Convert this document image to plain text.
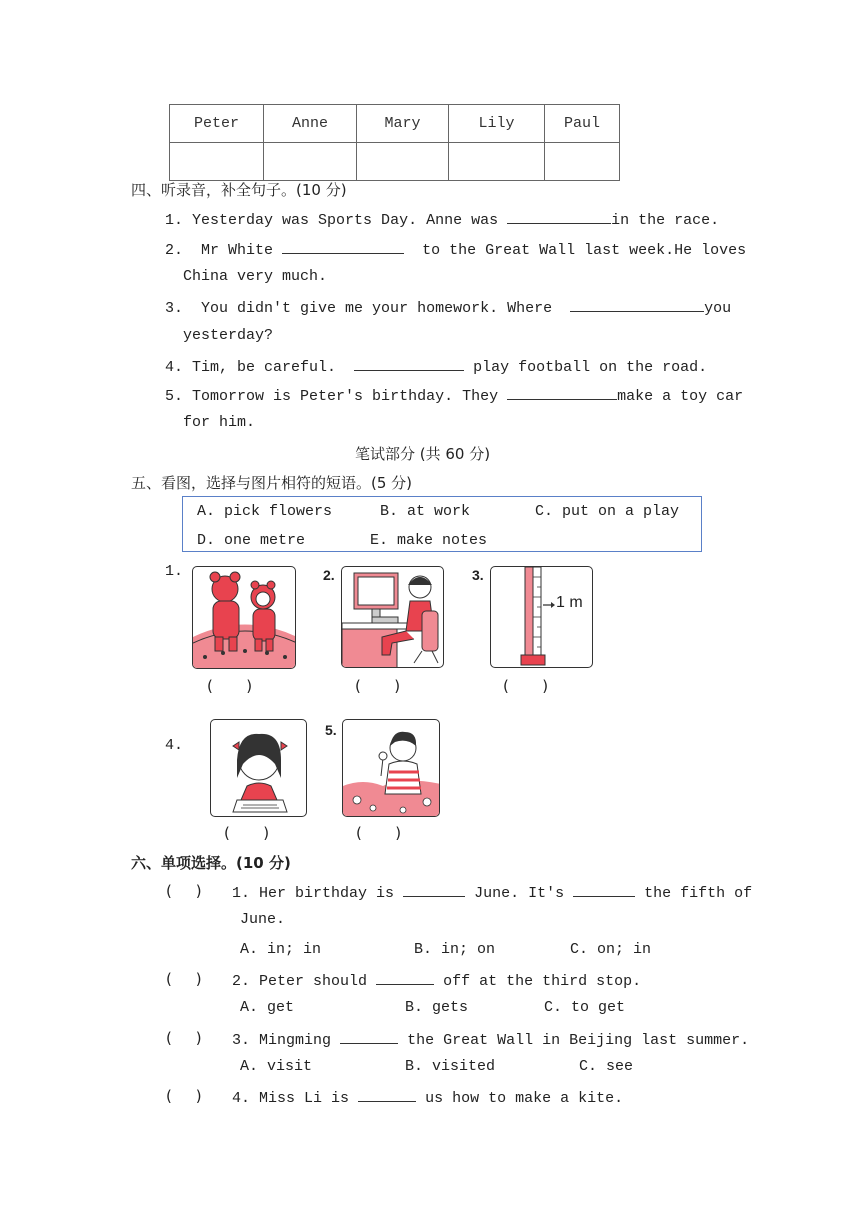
Peter	Anne	Mary	Lily	Paul

四、听录音，补全句子。(10 分)
1. Yesterday was Sports Day. Anne was	in the race.
2. Mr White	to the Great Wall last week.He loves
China very much.
3. You didn't give me your homework. Where	you
yesterday?
4. Tim, be careful.	play football on the road.
5. Tomorrow is Peter's birthday. They	make a toy car
for him.
笔试部分 (共 60 分)
五、看图，选择与图片相符的短语。(5 分)
A. pick flowers	B. at work	C. put on a play
D. one metre	E. make notes
1.
(       )
2.
(       )
3.
1 m
(       )
4.
(       )
5.
(       )
六、单项选择。(10 分)
(     ) 1. Her birthday is	June. It's	the fifth of
June.
A. in; in	B. in; on	C. on; in
(     ) 2. Peter should	off at the third stop.
A. get	B. gets	C. to get
(     ) 3. Mingming	the Great Wall in Beijing last summer.
A. visit	B. visited	C. see
(     ) 4. Miss Li is	us how to make a kite.
